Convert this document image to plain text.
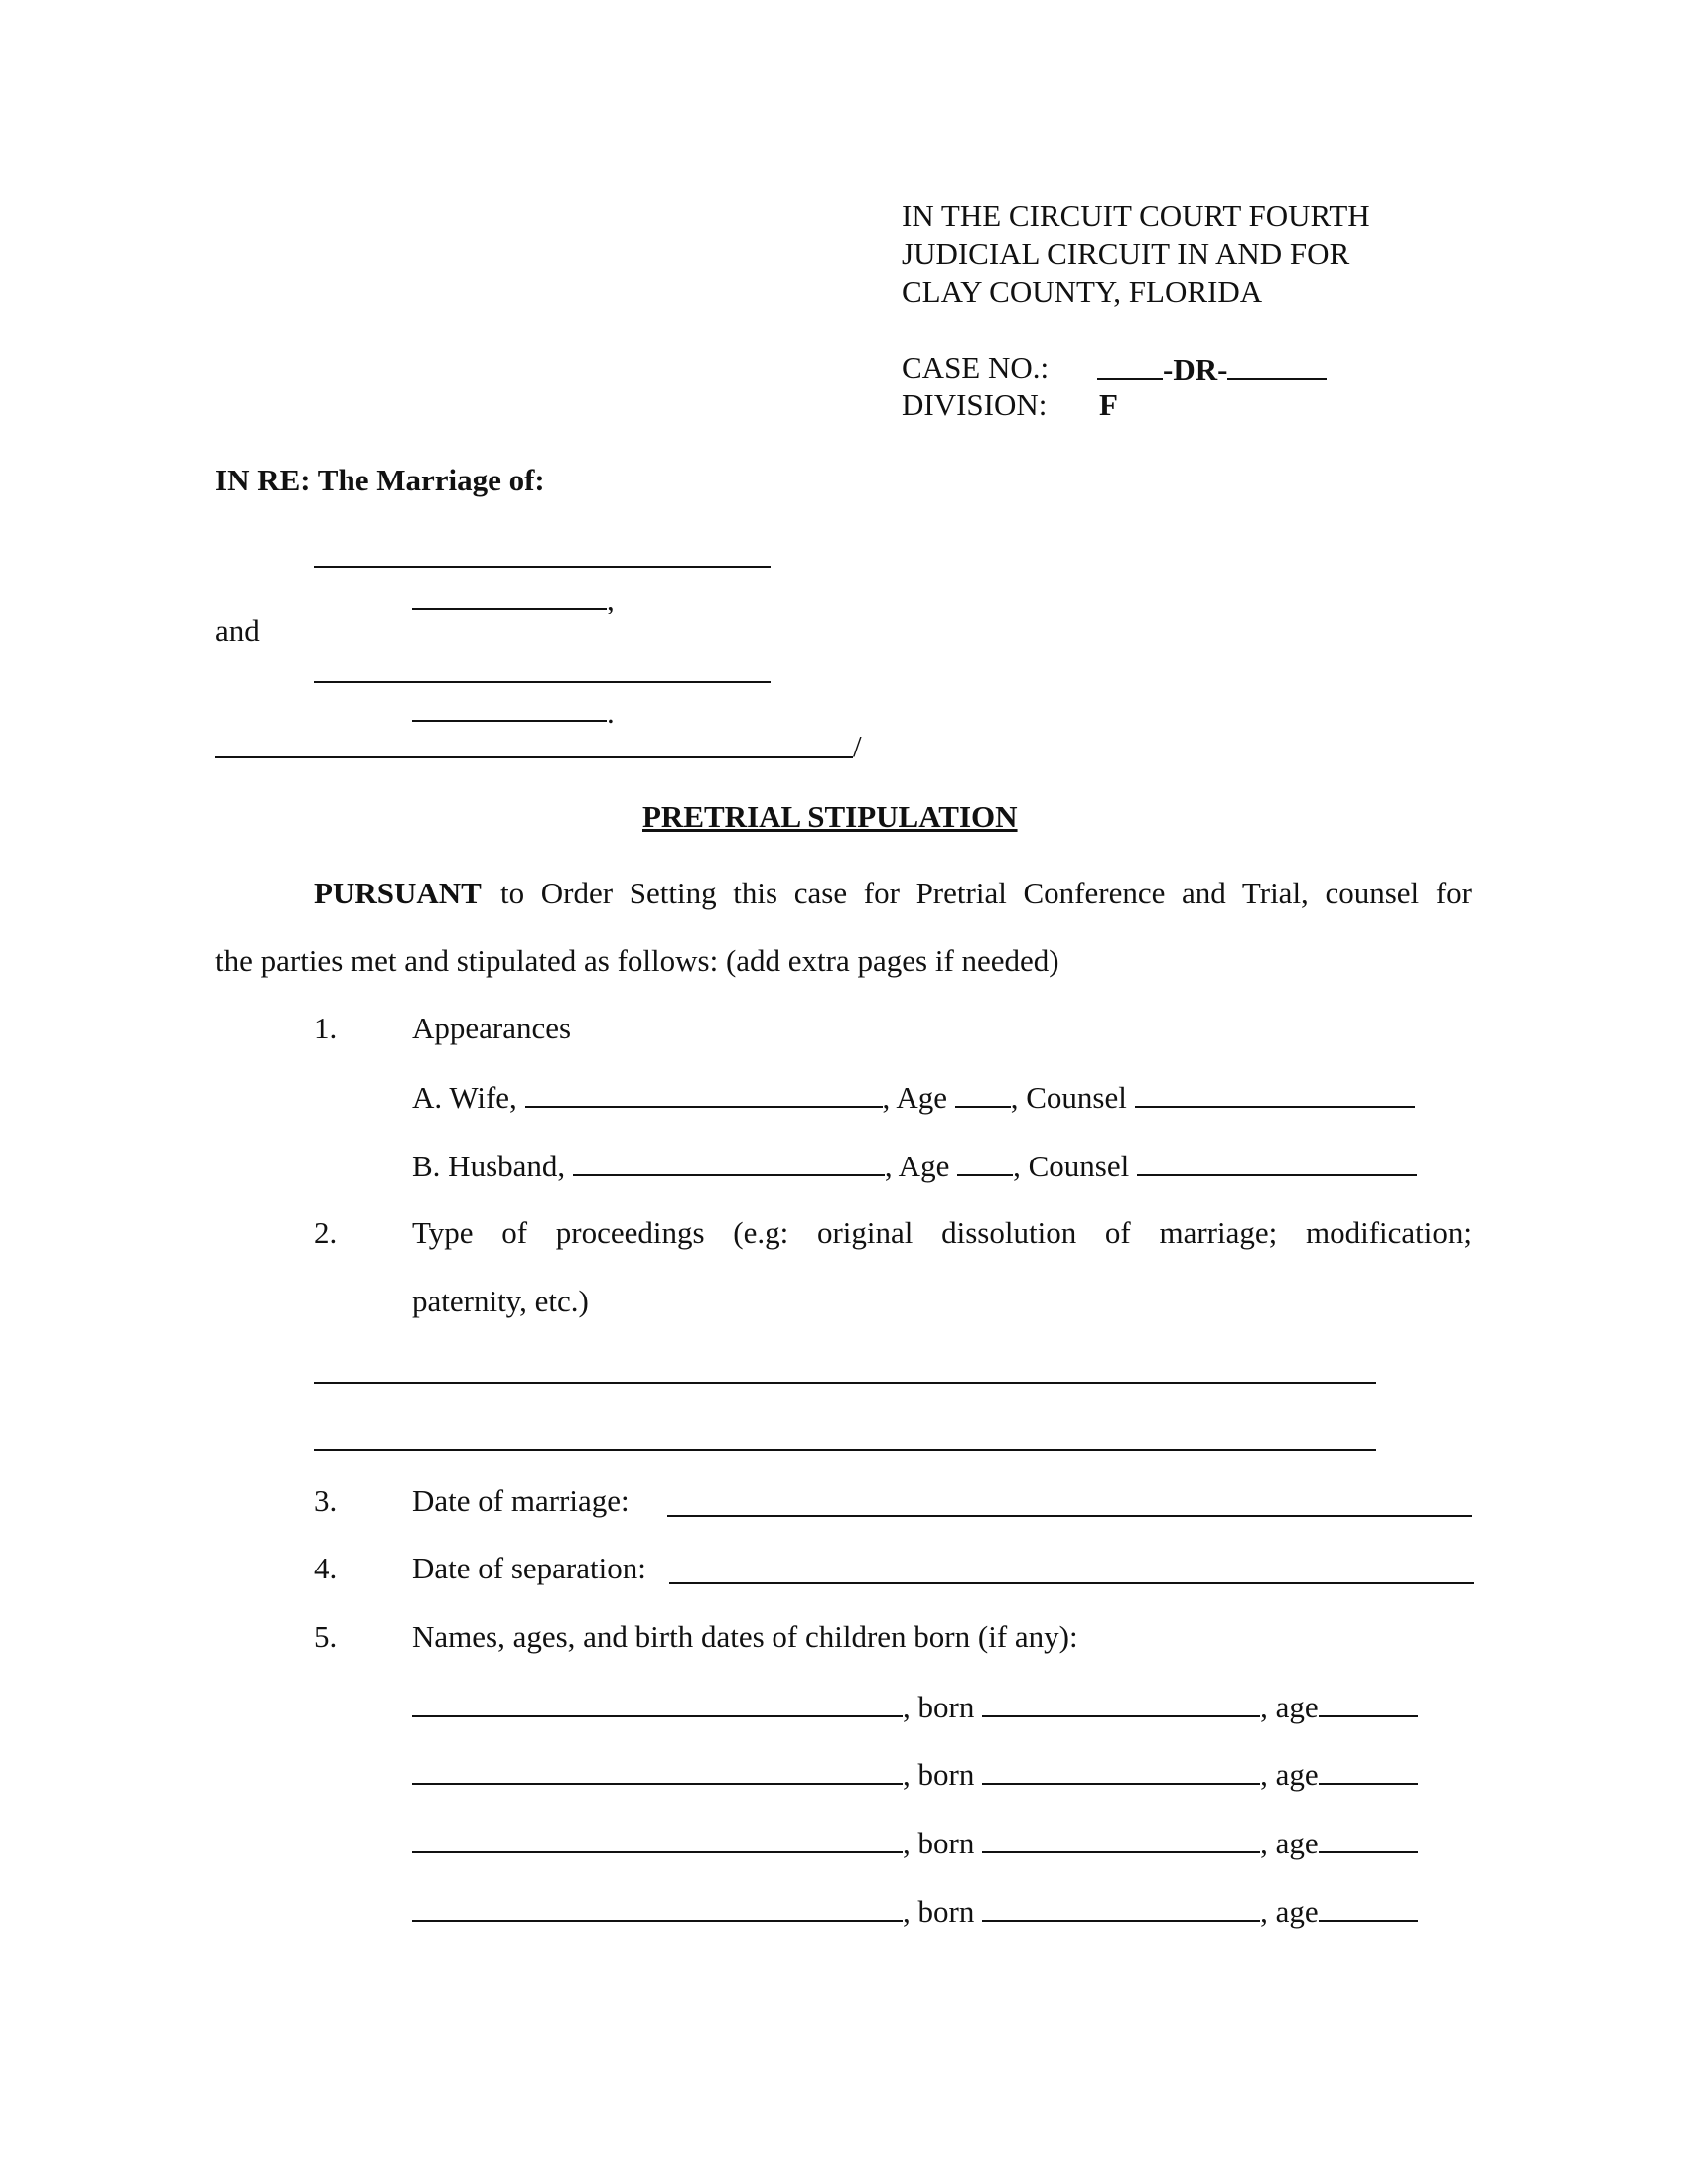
IN THE CIRCUIT COURT FOURTH
JUDICIAL CIRCUIT IN AND FOR
CLAY COUNTY, FLORIDA
CASE NO.:	-DR-
DIVISION: F
IN RE: The Marriage of:
,
and
.
/
PRETRIAL STIPULATION
PURSUANT to Order Setting this case for Pretrial Conference and Trial, counsel for
the parties met and stipulated as follows: (add extra pages if needed)
1. Appearances
A. Wife,	, Age , Counsel
B. Husband,	, Age , Counsel
2. Type of proceedings (e.g: original dissolution of marriage; modification;
paternity, etc.)
3. Date of marriage:
4. Date of separation:
5. Names, ages, and birth dates of children born (if any):
, born	, age
, born	, age
, born	, age
, born	, age
